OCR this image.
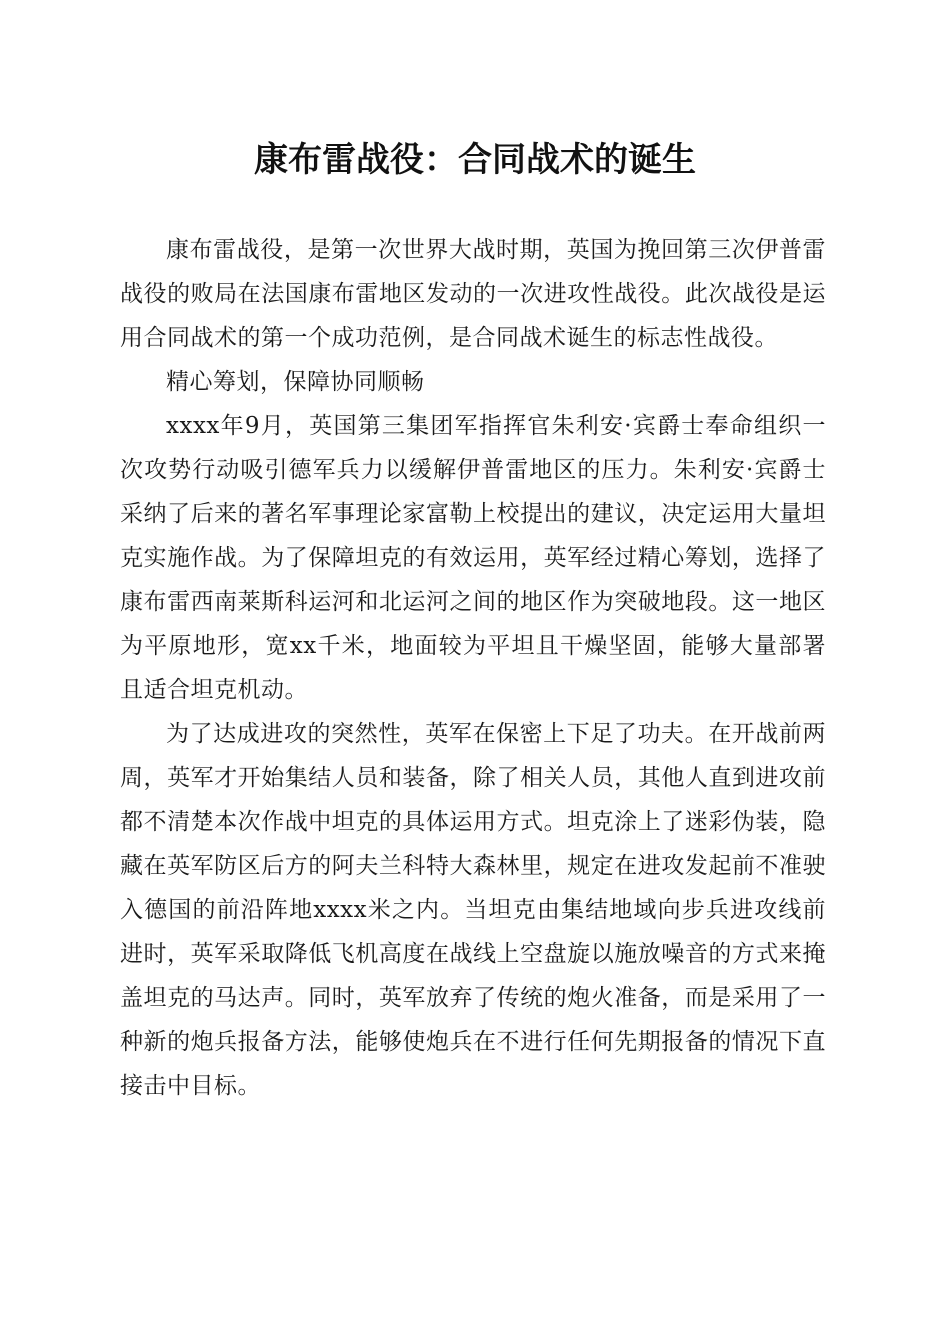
康布雷战役：合同战术的诞生

康布雷战役，是第一次世界大战时期，英国为挽回第三次伊普雷战役的败局在法国康布雷地区发动的一次进攻性战役。此次战役是运用合同战术的第一个成功范例，是合同战术诞生的标志性战役。

精心筹划，保障协同顺畅

xxxx年9月，英国第三集团军指挥官朱利安·宾爵士奉命组织一次攻势行动吸引德军兵力以缓解伊普雷地区的压力。朱利安·宾爵士采纳了后来的著名军事理论家富勒上校提出的建议，决定运用大量坦克实施作战。为了保障坦克的有效运用，英军经过精心筹划，选择了康布雷西南莱斯科运河和北运河之间的地区作为突破地段。这一地区为平原地形，宽xx千米，地面较为平坦且干燥坚固，能够大量部署且适合坦克机动。

为了达成进攻的突然性，英军在保密上下足了功夫。在开战前两周，英军才开始集结人员和装备，除了相关人员，其他人直到进攻前都不清楚本次作战中坦克的具体运用方式。坦克涂上了迷彩伪装，隐藏在英军防区后方的阿夫兰科特大森林里，规定在进攻发起前不准驶入德国的前沿阵地xxxx米之内。当坦克由集结地域向步兵进攻线前进时，英军采取降低飞机高度在战线上空盘旋以施放噪音的方式来掩盖坦克的马达声。同时，英军放弃了传统的炮火准备，而是采用了一种新的炮兵报备方法，能够使炮兵在不进行任何先期报备的情况下直接击中目标。
